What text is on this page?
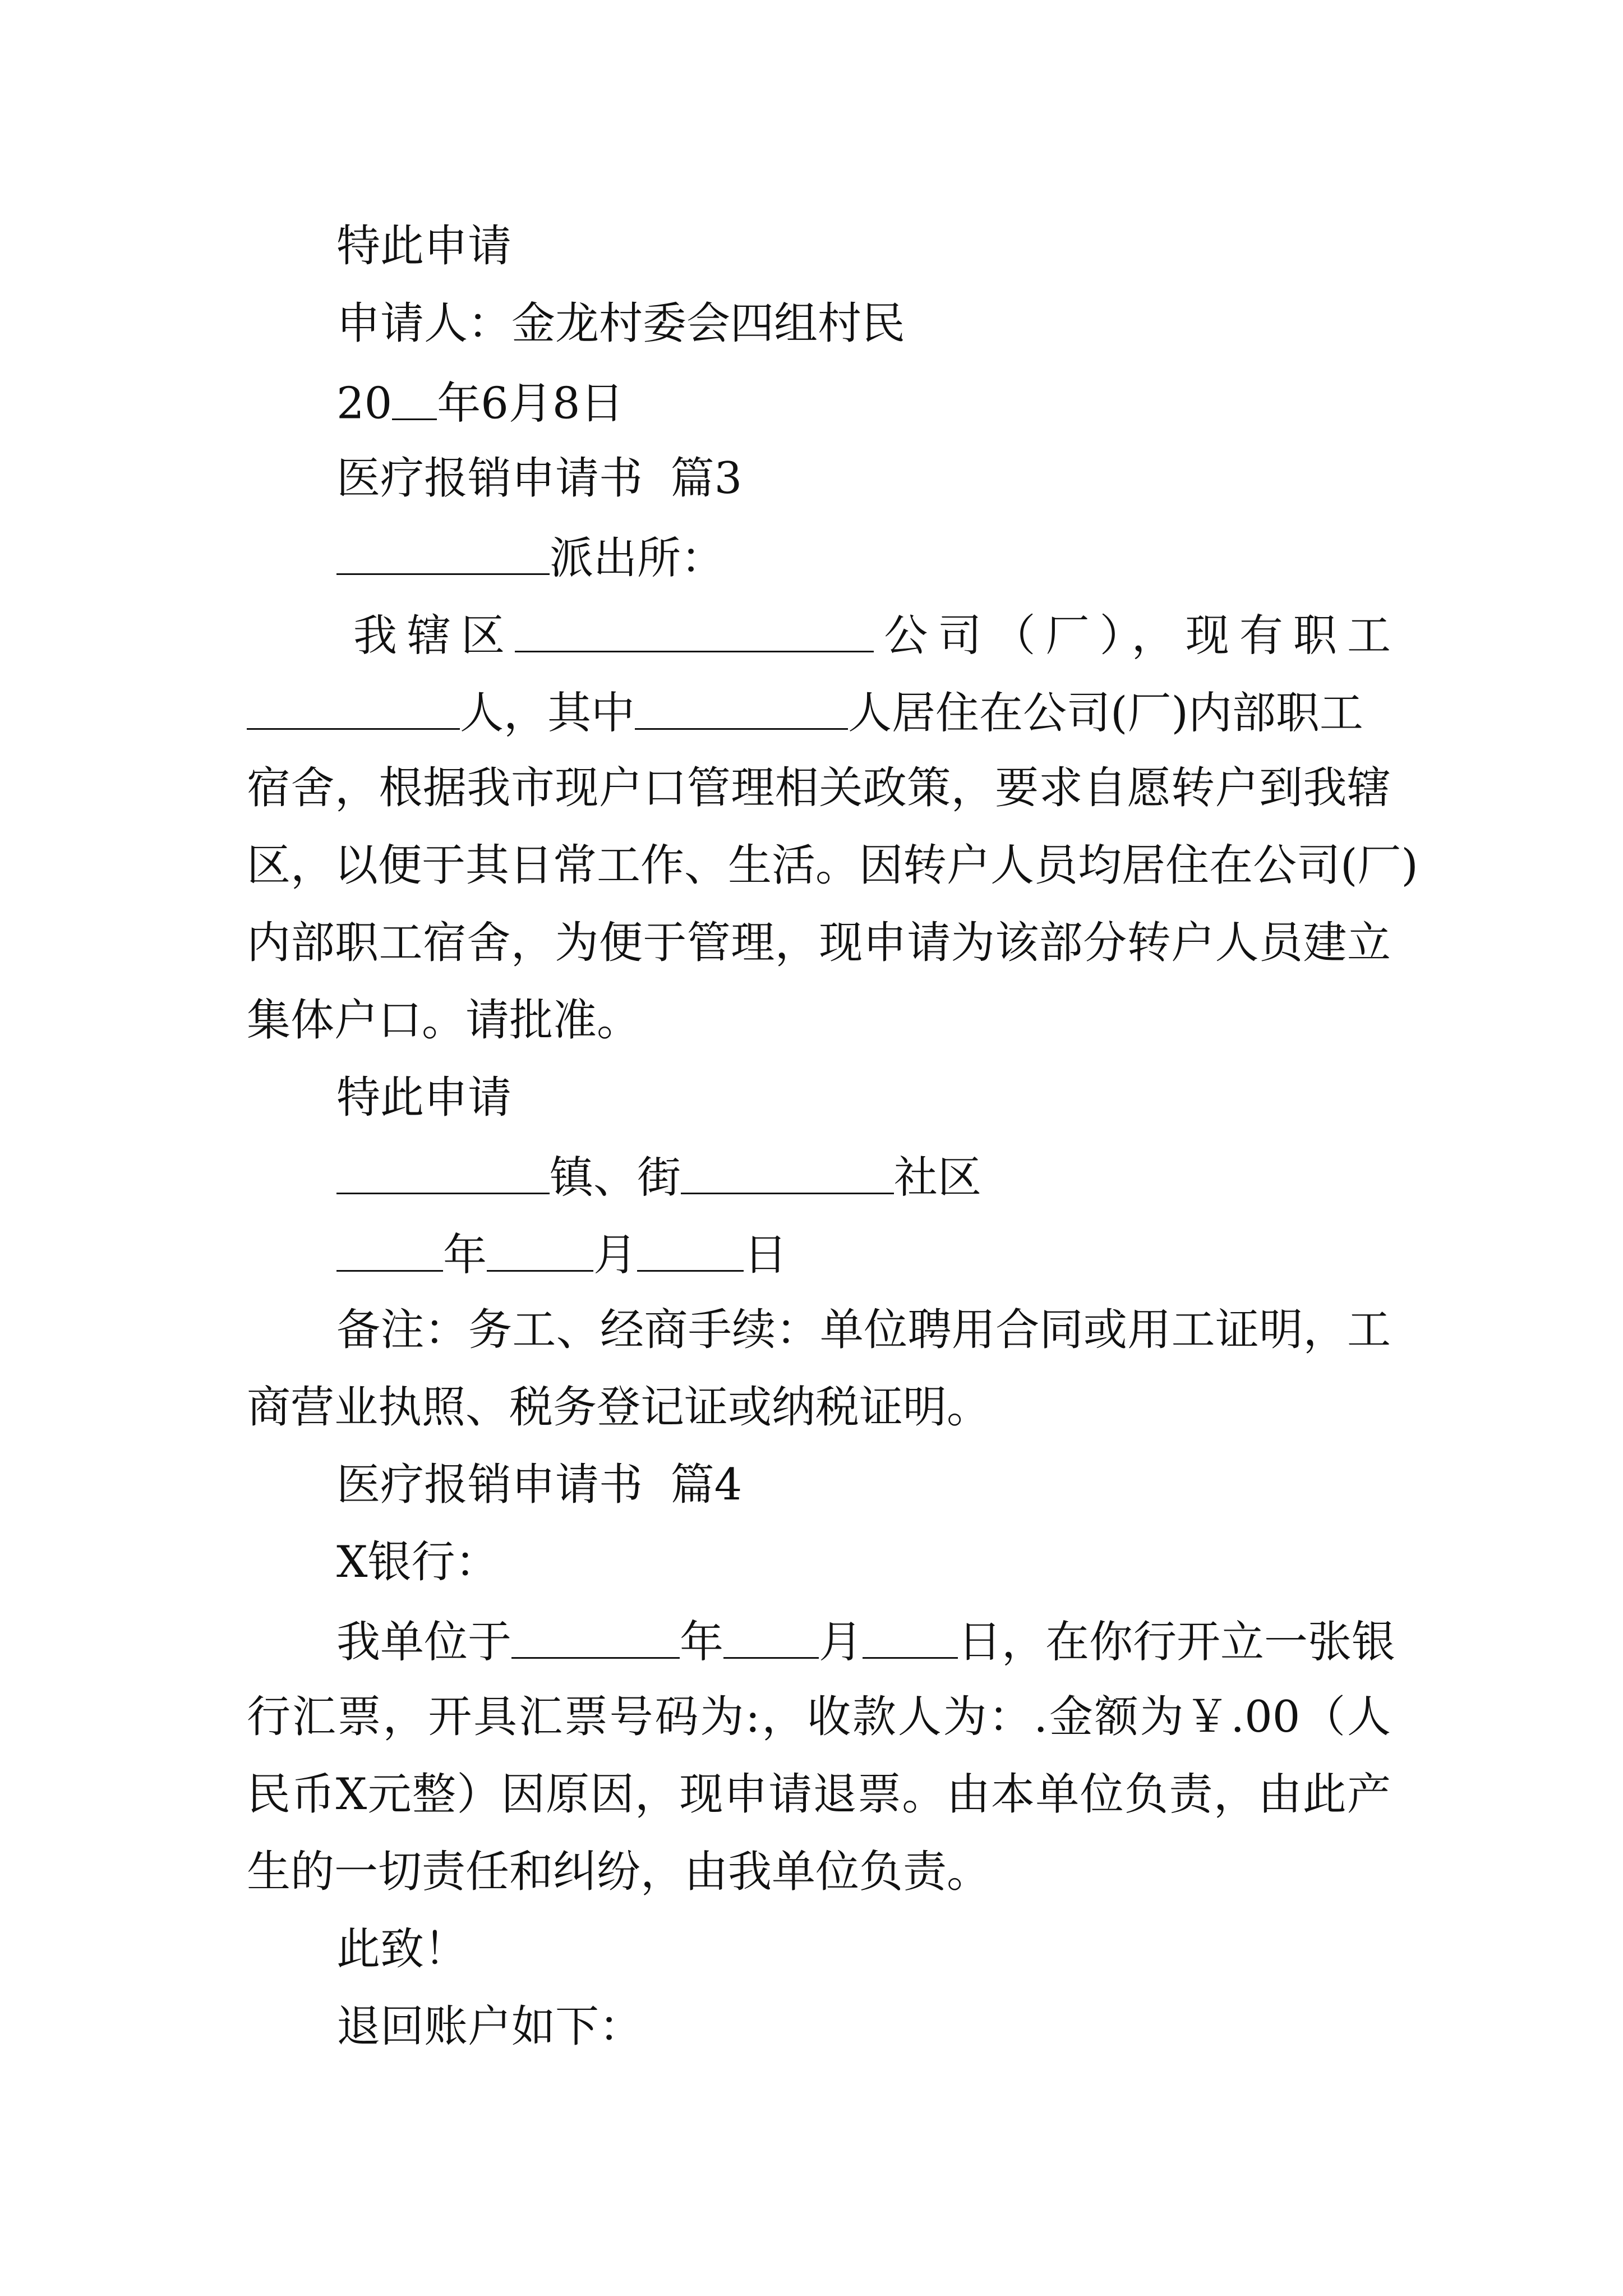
特此申请
申请人：金龙村委会四组村民
20 年6月8日
医疗报销申请书  篇3
派出所：
我辖区	公司（厂），现有职工
人，其中	人居住在公司(厂)内部职工
宿舍，根据我市现户口管理相关政策，要求自愿转户到我辖
区，以便于其日常工作、生活。因转户人员均居住在公司(厂)
内部职工宿舍，为便于管理，现申请为该部分转户人员建立
集体户口。请批准。
特此申请
镇、街	社区
年 月 日
备注：务工、经商手续：单位聘用合同或用工证明，工
商营业执照、税务登记证或纳税证明。
医疗报销申请书  篇4
X银行：
我单位于	年 月 日，在你行开立一张银
行汇票，开具汇票号码为:，收款人为：.金额为￥.00（人
民币X元整）因原因，现申请退票。由本单位负责，由此产
生的一切责任和纠纷，由我单位负责。
此致！
退回账户如下：
